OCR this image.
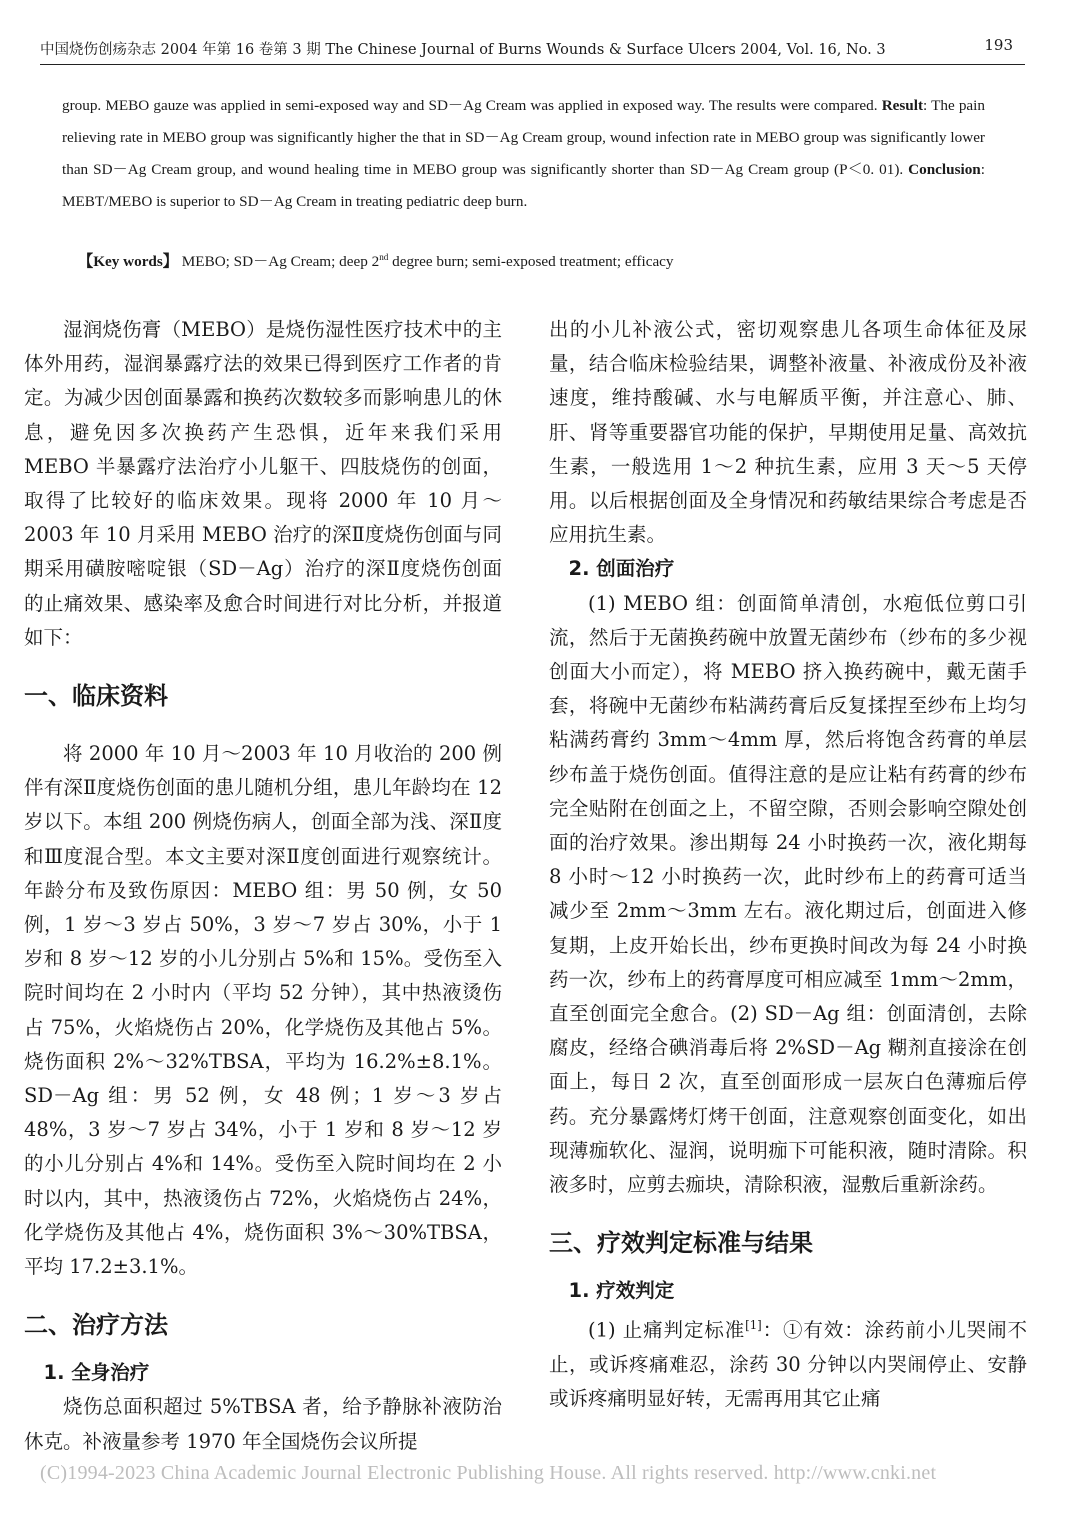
中国烧伤创疡杂志 2004 年第 16 卷第 3 期 The Chinese Journal of Burns Wounds & Surface Ulcers 2004, Vol. 16, No. 3	193
group. MEBO gauze was applied in semi-exposed way and SD－Ag Cream was applied in exposed way. The results were compared. Result: The pain relieving rate in MEBO group was significantly higher the that in SD－Ag Cream group, wound infection rate in MEBO group was significantly lower than SD－Ag Cream group, and wound healing time in MEBO group was significantly shorter than SD－Ag Cream group (P＜0. 01). Conclusion: MEBT/MEBO is superior to SD－Ag Cream in treating pediatric deep burn.
【Key words】 MEBO; SD－Ag Cream; deep 2nd degree burn; semi-exposed treatment; efficacy

湿润烧伤膏（MEBO）是烧伤湿性医疗技术中的主体外用药，湿润暴露疗法的效果已得到医疗工作者的肯定。为减少因创面暴露和换药次数较多而影响患儿的休息，避免因多次换药产生恐惧，近年来我们采用 MEBO 半暴露疗法治疗小儿躯干、四肢烧伤的创面，取得了比较好的临床效果。现将 2000 年 10 月～2003 年 10 月采用 MEBO 治疗的深Ⅱ度烧伤创面与同期采用磺胺嘧啶银（SD－Ag）治疗的深Ⅱ度烧伤创面的止痛效果、感染率及愈合时间进行对比分析，并报道如下：

一、临床资料

将 2000 年 10 月～2003 年 10 月收治的 200 例伴有深Ⅱ度烧伤创面的患儿随机分组，患儿年龄均在 12 岁以下。本组 200 例烧伤病人，创面全部为浅、深Ⅱ度和Ⅲ度混合型。本文主要对深Ⅱ度创面进行观察统计。年龄分布及致伤原因：MEBO 组：男 50 例，女 50 例，1 岁～3 岁占 50%，3 岁～7 岁占 30%，小于 1 岁和 8 岁～12 岁的小儿分别占 5%和 15%。受伤至入院时间均在 2 小时内（平均 52 分钟），其中热液烫伤占 75%，火焰烧伤占 20%，化学烧伤及其他占 5%。烧伤面积 2%～32%TBSA，平均为 16.2%±8.1%。SD－Ag 组：男 52 例，女 48 例；1 岁～3 岁占 48%，3 岁～7 岁占 34%，小于 1 岁和 8 岁～12 岁的小儿分别占 4%和 14%。受伤至入院时间均在 2 小时以内，其中，热液烫伤占 72%，火焰烧伤占 24%，化学烧伤及其他占 4%，烧伤面积 3%～30%TBSA，平均 17.2±3.1%。

二、治疗方法
1. 全身治疗

烧伤总面积超过 5%TBSA 者，给予静脉补液防治休克。补液量参考 1970 年全国烧伤会议所提

出的小儿补液公式，密切观察患儿各项生命体征及尿量，结合临床检验结果，调整补液量、补液成份及补液速度，维持酸碱、水与电解质平衡，并注意心、肺、肝、肾等重要器官功能的保护，早期使用足量、高效抗生素，一般选用 1～2 种抗生素，应用 3 天～5 天停用。以后根据创面及全身情况和药敏结果综合考虑是否应用抗生素。

2. 创面治疗

(1) MEBO 组：创面简单清创，水疱低位剪口引流，然后于无菌换药碗中放置无菌纱布（纱布的多少视创面大小而定），将 MEBO 挤入换药碗中，戴无菌手套，将碗中无菌纱布粘满药膏后反复揉捏至纱布上均匀粘满药膏约 3mm～4mm 厚，然后将饱含药膏的单层纱布盖于烧伤创面。值得注意的是应让粘有药膏的纱布完全贴附在创面之上，不留空隙，否则会影响空隙处创面的治疗效果。渗出期每 24 小时换药一次，液化期每 8 小时～12 小时换药一次，此时纱布上的药膏可适当减少至 2mm～3mm 左右。液化期过后，创面进入修复期，上皮开始长出，纱布更换时间改为每 24 小时换药一次，纱布上的药膏厚度可相应减至 1mm～2mm，直至创面完全愈合。(2) SD－Ag 组：创面清创，去除腐皮，经络合碘消毒后将 2%SD－Ag 糊剂直接涂在创面上，每日 2 次，直至创面形成一层灰白色薄痂后停药。充分暴露烤灯烤干创面，注意观察创面变化，如出现薄痂软化、湿润，说明痂下可能积液，随时清除。积液多时，应剪去痂块，清除积液，湿敷后重新涂药。

三、疗效判定标准与结果
1. 疗效判定

(1) 止痛判定标准[1]：①有效：涂药前小儿哭闹不止，或诉疼痛难忍，涂药 30 分钟以内哭闹停止、安静或诉疼痛明显好转，无需再用其它止痛

(C)1994-2023 China Academic Journal Electronic Publishing House. All rights reserved. http://www.cnki.net
